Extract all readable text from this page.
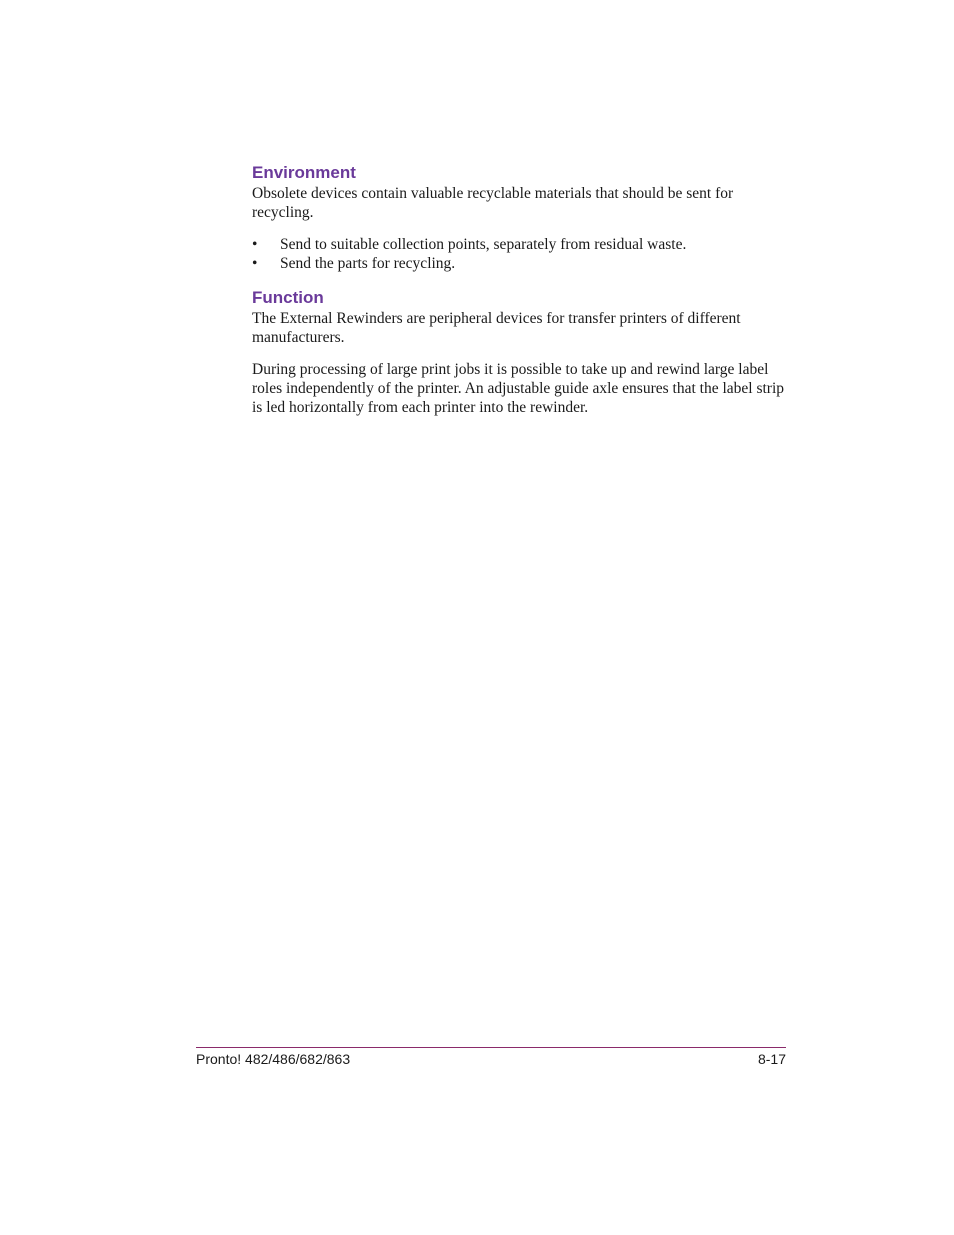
Environment

Obsolete devices contain valuable recyclable materials that should be sent for recycling.

•	Send to suitable collection points, separately from residual waste.
•	Send the parts for recycling.
Function

The External Rewinders are peripheral devices for transfer printers of different manufacturers.

During processing of large print jobs it is possible to take up and rewind large label roles independently of the printer. An adjustable guide axle ensures that the label strip is led horizontally from each printer into the rewinder.

Pronto! 482/486/682/863	8-17
